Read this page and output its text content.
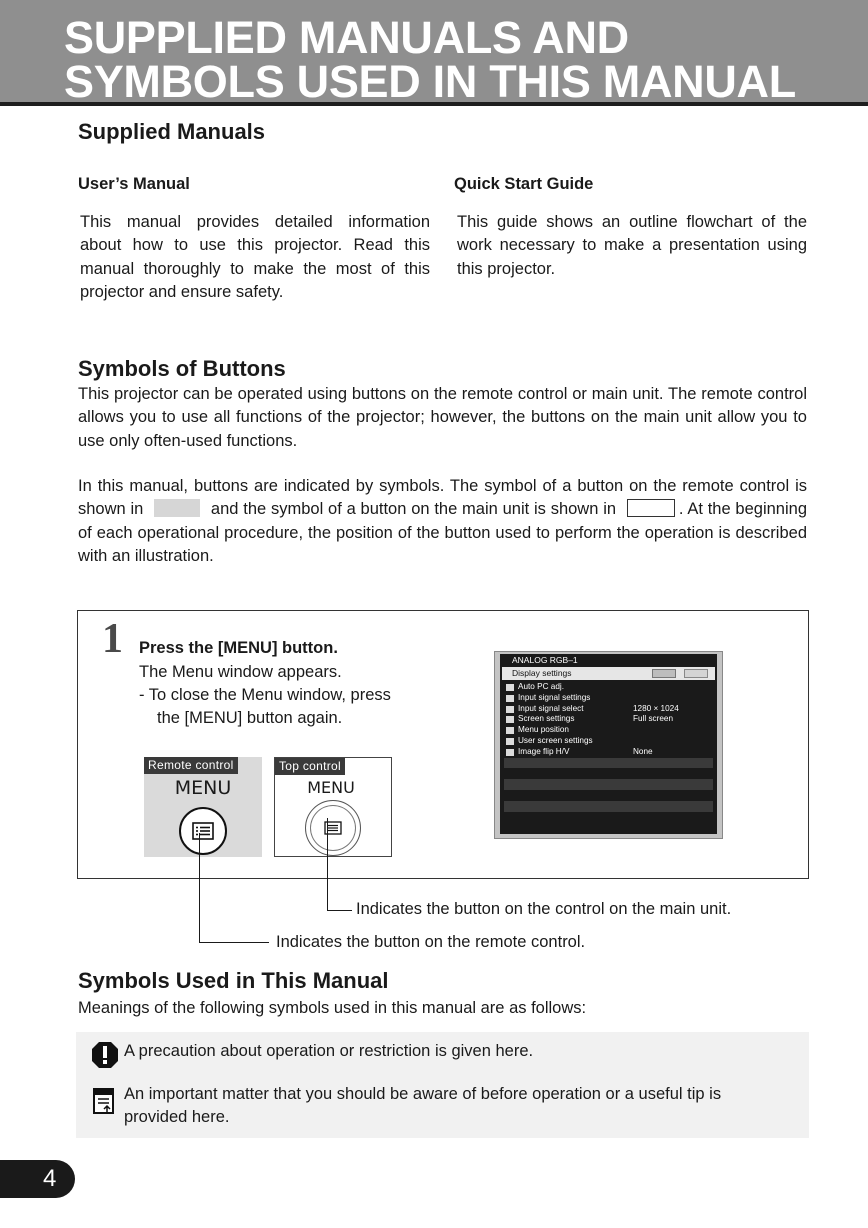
SUPPLIED MANUALS AND
SYMBOLS USED IN THIS MANUAL
Supplied Manuals
User’s Manual
This manual provides detailed information about how to use this projector. Read this manual thoroughly to make the most of this projector and ensure safety.
Quick Start Guide
This guide shows an outline flowchart of the work necessary to make a presentation using this projector.
Symbols of Buttons
This projector can be operated using buttons on the remote control or main unit. The remote control allows you to use all functions of the projector; however, the buttons on the main unit allow you to use only often-used functions.
In this manual, buttons are indicated by symbols. The symbol of a button on the remote control is shown in	and the symbol of a button on the main unit is shown in	. At the beginning of each operational procedure, the position of the button used to perform the operation is described with an illustration.
1 Press the [MENU] button.
The Menu window appears.
- To close the Menu window, press
the [MENU] button again.
Remote control
MENU
Top control
MENU
ANALOG RGB‒1
Display settings
Auto PC adj.
Input signal settings
Input signal select	1280 × 1024
Screen settings	Full screen
Menu position
User screen settings
Image flip H/V	None
Indicates the button on the control on the main unit.
Indicates the button on the remote control.
Symbols Used in This Manual
Meanings of the following symbols used in this manual are as follows:
A precaution about operation or restriction is given here.
An important matter that you should be aware of before operation or a useful tip is
provided here.
4
